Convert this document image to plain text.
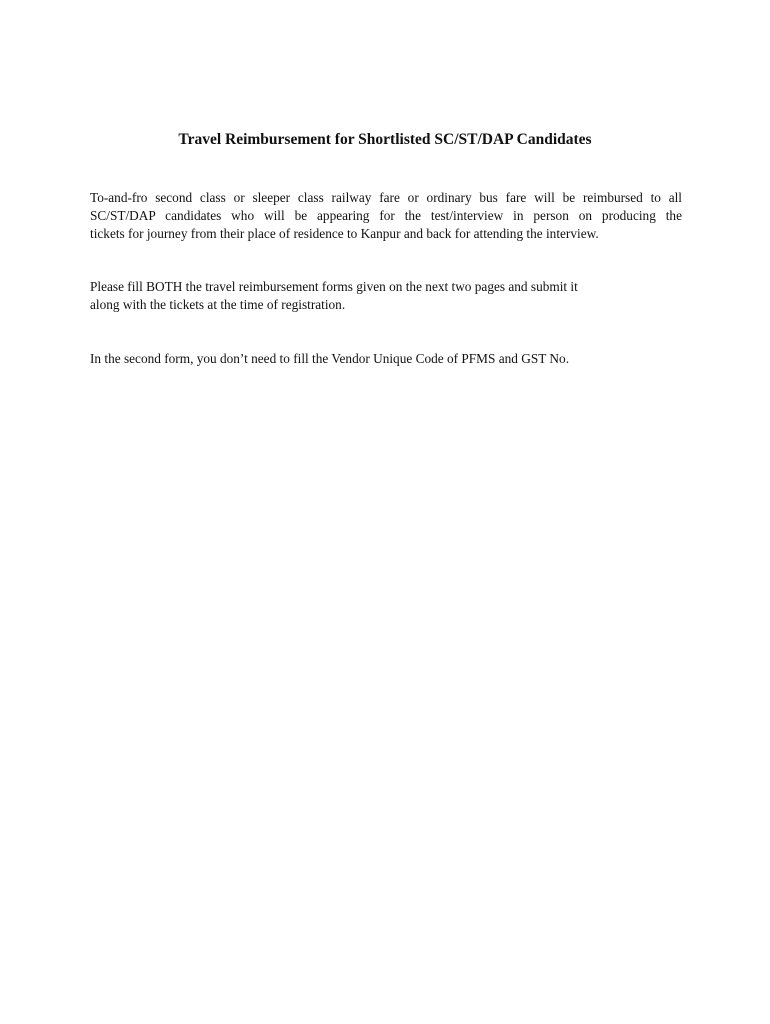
Travel Reimbursement for Shortlisted SC/ST/DAP Candidates

To-and-fro second class or sleeper class railway fare or ordinary bus fare will be reimbursed to all
SC/ST/DAP candidates who will be appearing for the test/interview in person on producing the
tickets for journey from their place of residence to Kanpur and back for attending the interview.

Please fill BOTH the travel reimbursement forms given on the next two pages and submit it
along with the tickets at the time of registration.

In the second form, you don’t need to fill the Vendor Unique Code of PFMS and GST No.
